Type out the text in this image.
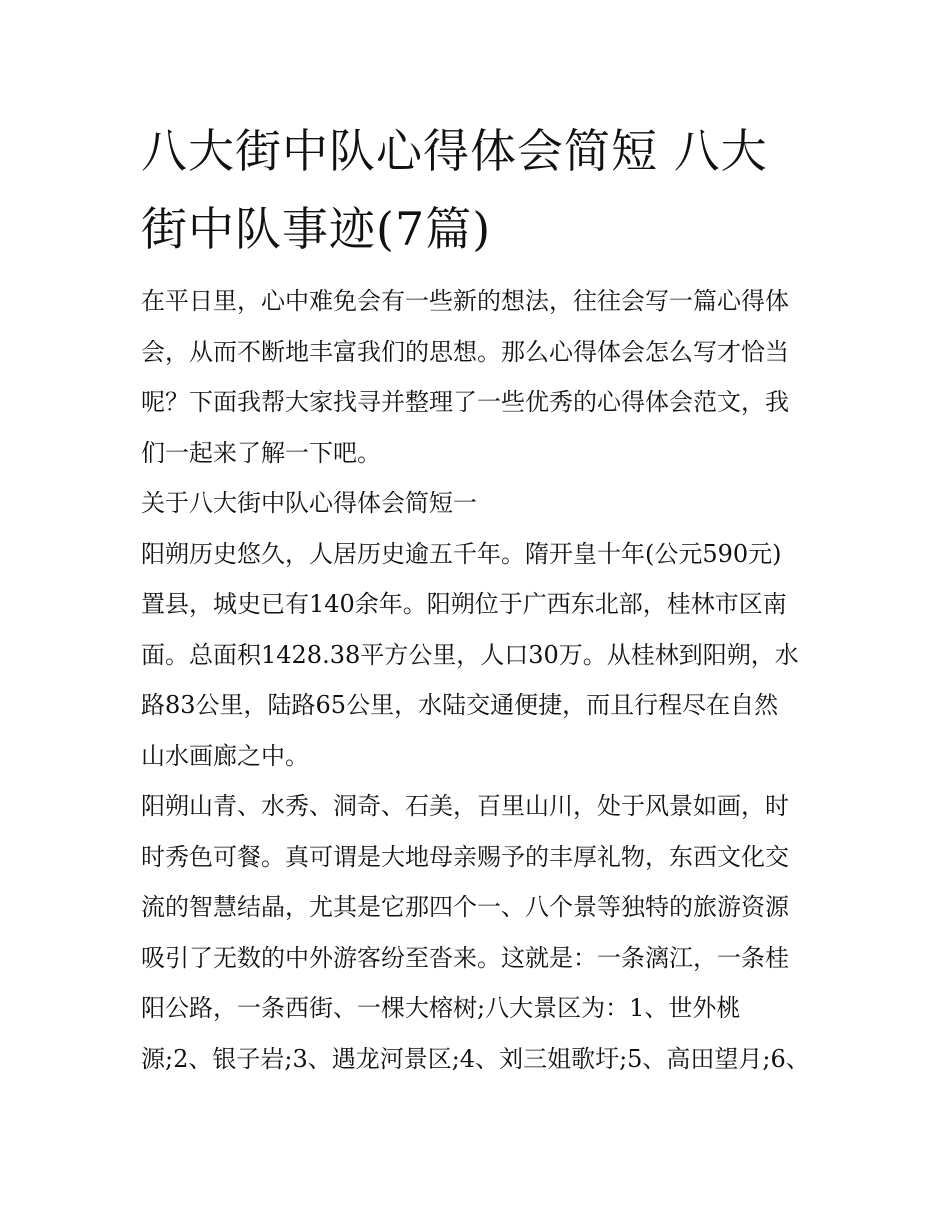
八大街中队心得体会简短 八大
街中队事迹(7篇)
在平日里，心中难免会有一些新的想法，往往会写一篇心得体
会，从而不断地丰富我们的思想。那么心得体会怎么写才恰当
呢？下面我帮大家找寻并整理了一些优秀的心得体会范文，我
们一起来了解一下吧。
关于八大街中队心得体会简短一
阳朔历史悠久，人居历史逾五千年。隋开皇十年(公元590元)
置县，城史已有140余年。阳朔位于广西东北部，桂林市区南
面。总面积1428.38平方公里，人口30万。从桂林到阳朔，水
路83公里，陆路65公里，水陆交通便捷，而且行程尽在自然
山水画廊之中。
阳朔山青、水秀、洞奇、石美，百里山川，处于风景如画，时
时秀色可餐。真可谓是大地母亲赐予的丰厚礼物，东西文化交
流的智慧结晶，尤其是它那四个一、八个景等独特的旅游资源
吸引了无数的中外游客纷至沓来。这就是：一条漓江，一条桂
阳公路，一条西街、一棵大榕树;八大景区为：1、世外桃
源;2、银子岩;3、遇龙河景区;4、刘三姐歌圩;5、高田望月;6、
